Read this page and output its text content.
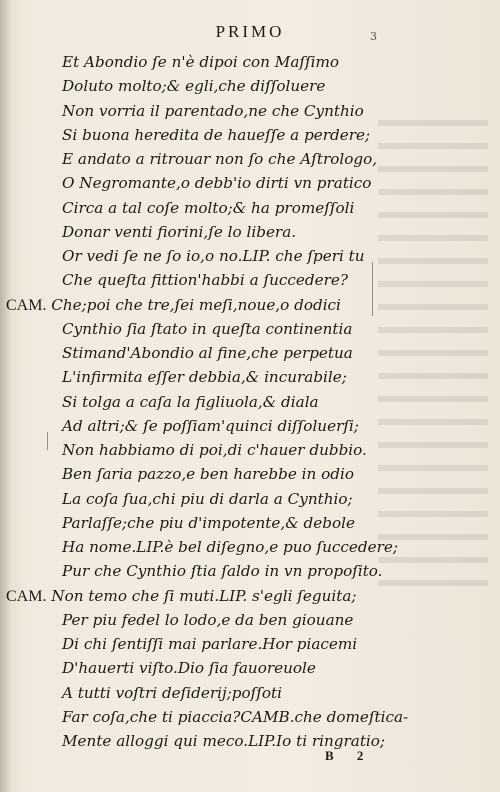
PRIMO	3
Et Abondio ſe n'è dipoi con Maſſimo
Doluto molto;& egli,che diſſoluere
Non vorria il parentado,ne che Cynthio
Si buona heredita de haueſſe a perdere;
E andato a ritrouar non ſo che Aſtrologo,
O Negromante,o debb'io dirti vn pratico
Circa a tal coſe molto;& ha promeſſoli
Donar venti fiorini,ſe lo libera.
Or vedi ſe ne ſo io,o no.LIP. che ſperi tu
Che queſta fittion'habbi a ſuccedere?
CAM. Che;poi che tre,ſei meſi,noue,o dodici
Cynthio ſia ſtato in queſta continentia
Stimand'Abondio al fine,che perpetua
L'infirmita eſſer debbia,& incurabile;
Si tolga a caſa la figliuola,& diala
Ad altri;& ſe poſſiam'quinci diſſoluerſi;
Non habbiamo di poi,di c'hauer dubbio.
Ben ſaria pazzo,e ben harebbe in odio
La coſa ſua,chi piu di darla a Cynthio;
Parlaſſe;che piu d'impotente,& debole
Ha nome.LIP.è bel diſegno,e puo ſuccedere;
Pur che Cynthio ſtia ſaldo in vn propoſito.
CAM. Non temo che ſi muti.LIP. s'egli ſeguita;
Per piu fedel lo lodo,e da ben giouane
Di chi ſentiſſi mai parlare.Hor piacemi
D'hauerti viſto.Dio ſia fauoreuole
A tutti voſtri deſiderij;poſſoti
Far coſa,che ti piaccia?CAMB.che domeſtica-
Mente alloggi qui meco.LIP.Io ti ringratio;
B 2
